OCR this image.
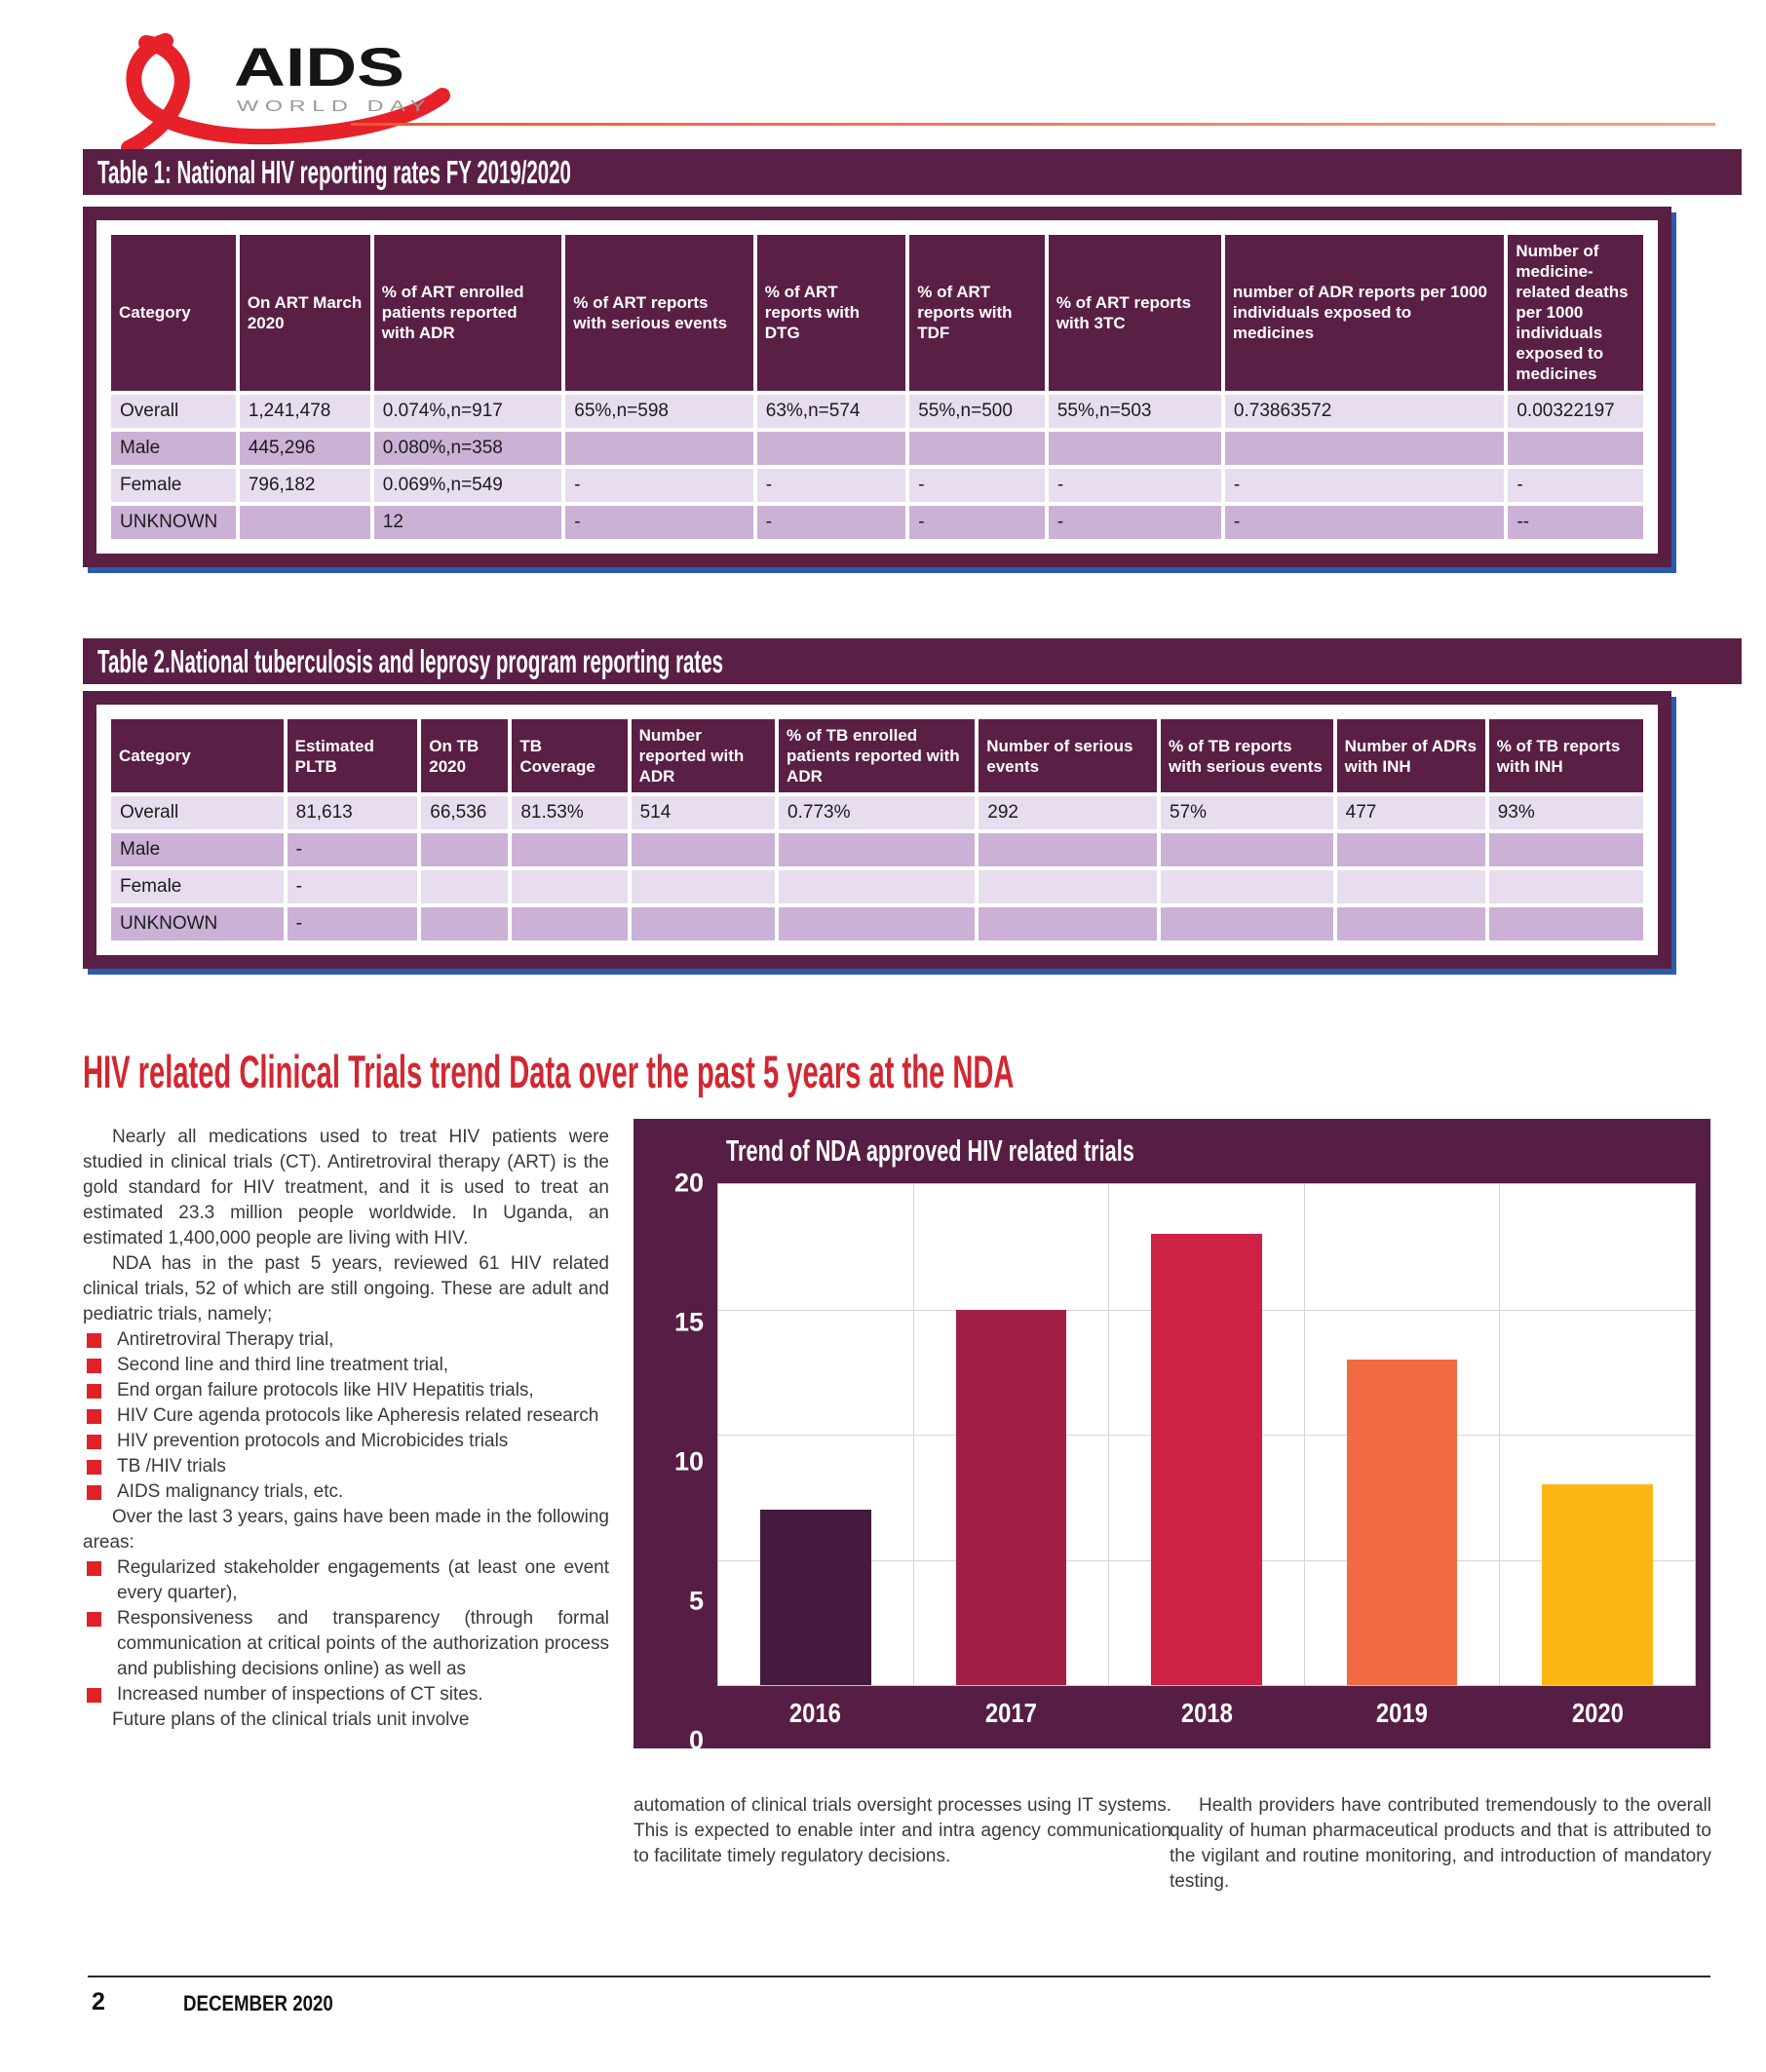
AIDS
WORLD DAY
Table 1: National HIV reporting rates FY 2019/2020
Category	On ART March 2020	% of ART enrolled patients reported with ADR	% of ART reports with serious events	% of ART reports with DTG	% of ART reports with TDF	% of ART reports with 3TC	number of ADR reports per 1000 individuals exposed to medicines	Number of medicine-related deaths per 1000 individuals exposed to medicines
Overall	1,241,478	0.074%,n=917	65%,n=598	63%,n=574	55%,n=500	55%,n=503	0.73863572	0.00322197
Male	445,296	0.080%,n=358						
Female	796,182	0.069%,n=549	-	-	-	-	-	-
UNKNOWN		12	-	-	-	-	-	--
Table 2.National tuberculosis and leprosy program reporting rates
Category	Estimated PLTB	On TB 2020	TB Coverage	Number reported with ADR	% of TB enrolled patients reported with ADR	Number of serious events	% of TB reports with serious events	Number of ADRs with INH	% of TB reports with INH
Overall	81,613	66,536	81.53%	514	0.773%	292	57%	477	93%
Male	-								
Female	-								
UNKNOWN	-								
HIV related Clinical Trials trend Data over the past 5 years at the NDA

Nearly all medications used to treat HIV patients were studied in clinical trials (CT). Antiretroviral therapy (ART) is the gold standard for HIV treatment, and it is used to treat an estimated 23.3 million people worldwide. In Uganda, an estimated 1,400,000 people are living with HIV.

NDA has in the past 5 years, reviewed 61 HIV related clinical trials, 52 of which are still ongoing. These are adult and pediatric trials, namely;

Antiretroviral Therapy trial,
Second line and third line treatment trial,
End organ failure protocols like HIV Hepatitis trials,
HIV Cure agenda protocols like Apheresis related research
HIV prevention protocols and Microbicides trials
TB /HIV trials
AIDS malignancy trials, etc.

Over the last 3 years, gains have been made in the following areas:

Regularized stakeholder engagements (at least one event every quarter),
Responsiveness and transparency (through formal communication at critical points of the authorization process and publishing decisions online) as well as
Increased number of inspections of CT sites.

Future plans of the clinical trials unit involve

Trend of NDA approved HIV related trials
20
15
10
5
0
2016	2017	2018	2019	2020

automation of clinical trials oversight processes using IT systems. This is expected to enable inter and intra agency communication to facilitate timely regulatory decisions.

Health providers have contributed tremendously to the overall quality of human pharmaceutical products and that is attributed to the vigilant and routine monitoring, and introduction of mandatory testing.

2	DECEMBER 2020
